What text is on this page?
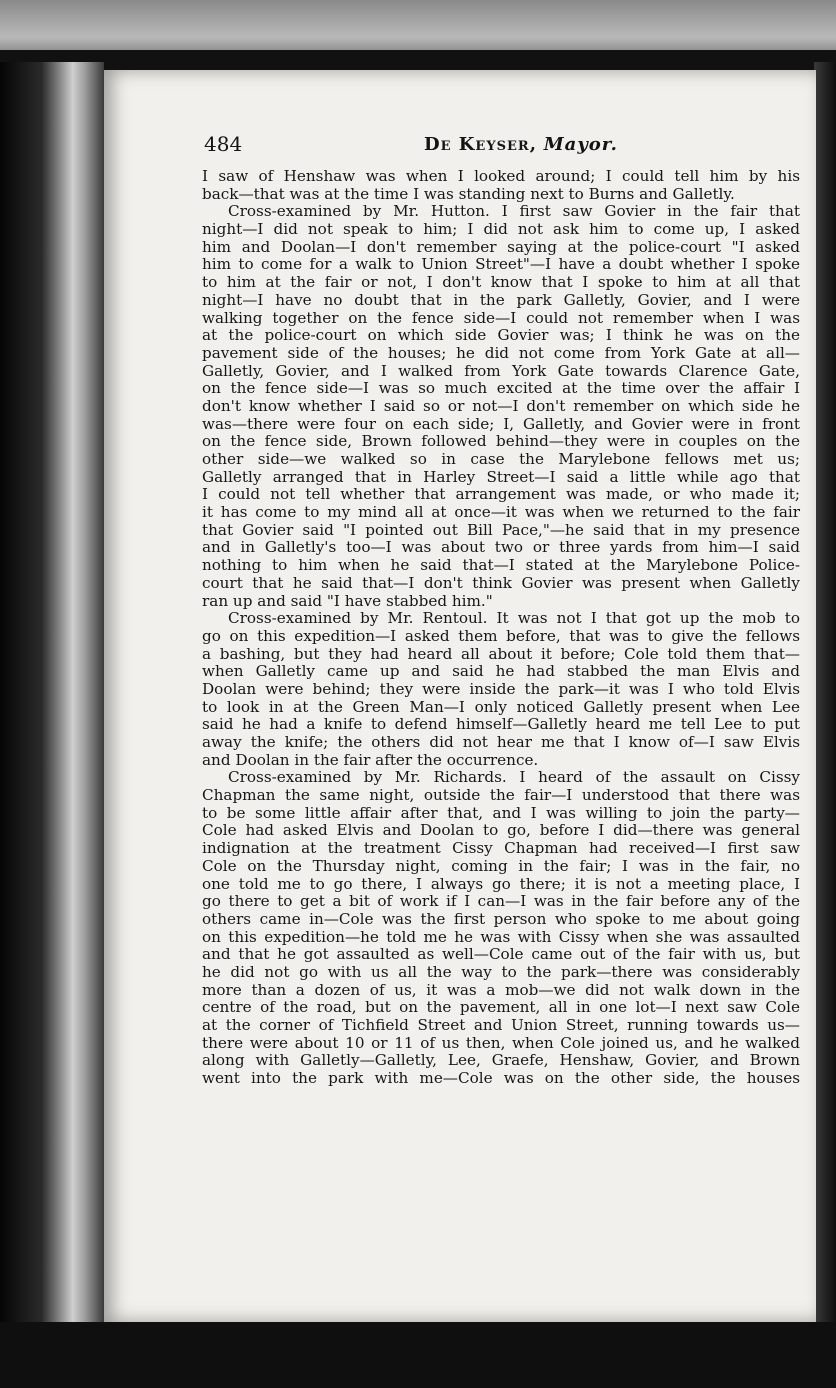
484	De Keyser, Mayor.
I saw of Henshaw was when I looked around; I could tell him by his
back—that was at the time I was standing next to Burns and Galletly.
Cross-examined by Mr. Hutton. I first saw Govier in the fair that
night—I did not speak to him; I did not ask him to come up, I asked
him and Doolan—I don't remember saying at the police-court "I asked
him to come for a walk to Union Street"—I have a doubt whether I spoke
to him at the fair or not, I don't know that I spoke to him at all that
night—I have no doubt that in the park Galletly, Govier, and I were
walking together on the fence side—I could not remember when I was
at the police-court on which side Govier was; I think he was on the
pavement side of the houses; he did not come from York Gate at all—
Galletly, Govier, and I walked from York Gate towards Clarence Gate,
on the fence side—I was so much excited at the time over the affair I
don't know whether I said so or not—I don't remember on which side he
was—there were four on each side; I, Galletly, and Govier were in front
on the fence side, Brown followed behind—they were in couples on the
other side—we walked so in case the Marylebone fellows met us;
Galletly arranged that in Harley Street—I said a little while ago that
I could not tell whether that arrangement was made, or who made it;
it has come to my mind all at once—it was when we returned to the fair
that Govier said "I pointed out Bill Pace,"—he said that in my presence
and in Galletly's too—I was about two or three yards from him—I said
nothing to him when he said that—I stated at the Marylebone Police-
court that he said that—I don't think Govier was present when Galletly
ran up and said "I have stabbed him."
Cross-examined by Mr. Rentoul. It was not I that got up the mob to
go on this expedition—I asked them before, that was to give the fellows
a bashing, but they had heard all about it before; Cole told them that—
when Galletly came up and said he had stabbed the man Elvis and
Doolan were behind; they were inside the park—it was I who told Elvis
to look in at the Green Man—I only noticed Galletly present when Lee
said he had a knife to defend himself—Galletly heard me tell Lee to put
away the knife; the others did not hear me that I know of—I saw Elvis
and Doolan in the fair after the occurrence.
Cross-examined by Mr. Richards. I heard of the assault on Cissy
Chapman the same night, outside the fair—I understood that there was
to be some little affair after that, and I was willing to join the party—
Cole had asked Elvis and Doolan to go, before I did—there was general
indignation at the treatment Cissy Chapman had received—I first saw
Cole on the Thursday night, coming in the fair; I was in the fair, no
one told me to go there, I always go there; it is not a meeting place, I
go there to get a bit of work if I can—I was in the fair before any of the
others came in—Cole was the first person who spoke to me about going
on this expedition—he told me he was with Cissy when she was assaulted
and that he got assaulted as well—Cole came out of the fair with us, but
he did not go with us all the way to the park—there was considerably
more than a dozen of us, it was a mob—we did not walk down in the
centre of the road, but on the pavement, all in one lot—I next saw Cole
at the corner of Tichfield Street and Union Street, running towards us—
there were about 10 or 11 of us then, when Cole joined us, and he walked
along with Galletly—Galletly, Lee, Graefe, Henshaw, Govier, and Brown
went into the park with me—Cole was on the other side, the houses
